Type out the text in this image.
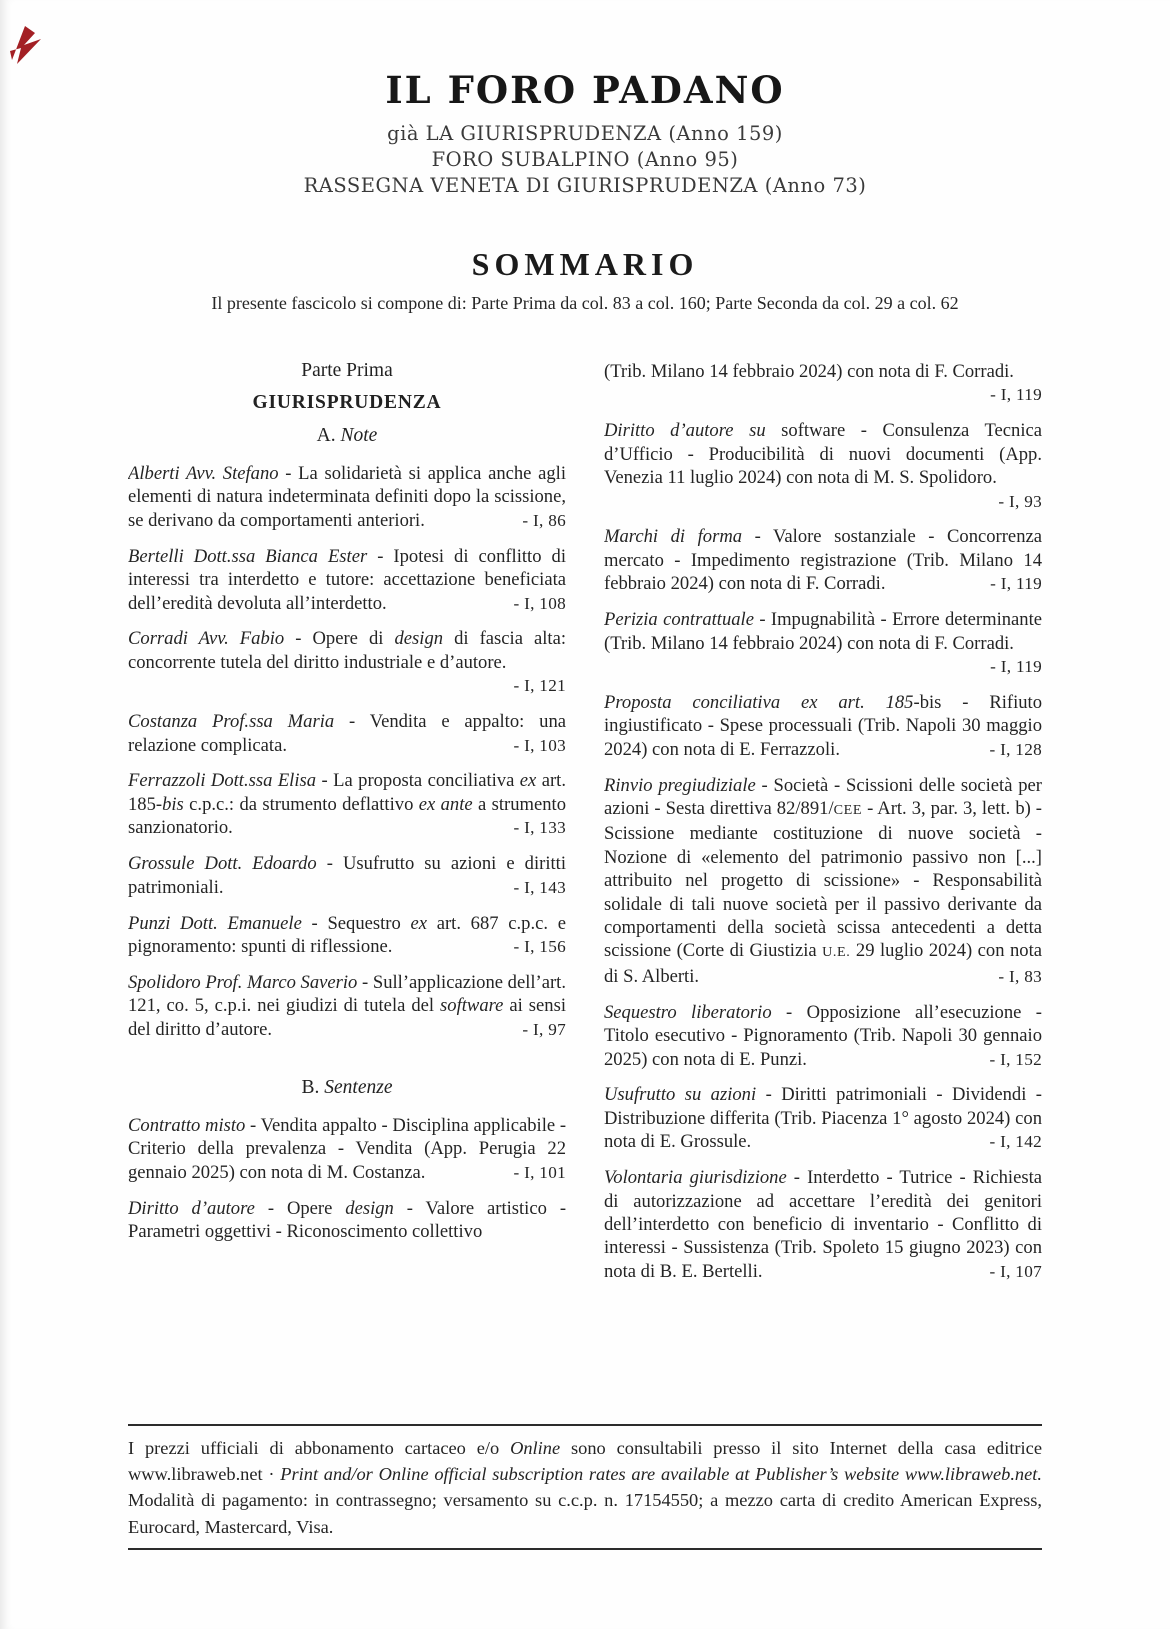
IL FORO PADANO
già LA GIURISPRUDENZA (Anno 159)
FORO SUBALPINO (Anno 95)
RASSEGNA VENETA DI GIURISPRUDENZA (Anno 73)
SOMMARIO

Il presente fascicolo si compone di: Parte Prima da col. 83 a col. 160; Parte Seconda da col. 29 a col. 62

Parte Prima
GIURISPRUDENZA
A. Note

Alberti Avv. Stefano - La solidarietà si applica anche agli elementi di natura indeterminata definiti dopo la scissione, se derivano da comportamenti anteriori.	- I, 86

Bertelli Dott.ssa Bianca Ester - Ipotesi di conflitto di interessi tra interdetto e tutore: accettazione beneficiata dell’eredità devoluta all’interdetto.	- I, 108

Corradi Avv. Fabio - Opere di design di fascia alta: concorrente tutela del diritto industriale e d’autore.
- I, 121

Costanza Prof.ssa Maria - Vendita e appalto: una relazione complicata.	- I, 103

Ferrazzoli Dott.ssa Elisa - La proposta conciliativa ex art. 185-bis c.p.c.: da strumento deflattivo ex ante a strumento sanzionatorio.	- I, 133

Grossule Dott. Edoardo - Usufrutto su azioni e diritti patrimoniali.	- I, 143

Punzi Dott. Emanuele - Sequestro ex art. 687 c.p.c. e pignoramento: spunti di riflessione.	- I, 156

Spolidoro Prof. Marco Saverio - Sull’applicazione dell’art. 121, co. 5, c.p.i. nei giudizi di tutela del software ai sensi del diritto d’autore.	- I, 97

B. Sentenze

Contratto misto - Vendita appalto - Disciplina applicabile - Criterio della prevalenza - Vendita (App. Perugia 22 gennaio 2025) con nota di M. Costanza.	- I, 101

Diritto d’autore - Opere design - Valore artistico - Parametri oggettivi - Riconoscimento collettivo

(Trib. Milano 14 febbraio 2024) con nota di F. Corradi.
- I, 119

Diritto d’autore su software - Consulenza Tecnica d’Ufficio - Producibilità di nuovi documenti (App. Venezia 11 luglio 2024) con nota di M. S. Spolidoro.
- I, 93

Marchi di forma - Valore sostanziale - Concorrenza mercato - Impedimento registrazione (Trib. Milano 14 febbraio 2024) con nota di F. Corradi.	- I, 119

Perizia contrattuale - Impugnabilità - Errore determinante (Trib. Milano 14 febbraio 2024) con nota di F. Corradi.
- I, 119

Proposta conciliativa ex art. 185-bis - Rifiuto ingiustificato - Spese processuali (Trib. Napoli 30 maggio 2024) con nota di E. Ferrazzoli.	- I, 128

Rinvio pregiudiziale - Società - Scissioni delle società per azioni - Sesta direttiva 82/891/CEE - Art. 3, par. 3, lett. b) - Scissione mediante costituzione di nuove società - Nozione di «elemento del patrimonio passivo non [...] attribuito nel progetto di scissione» - Responsabilità solidale di tali nuove società per il passivo derivante da comportamenti della società scissa antecedenti a detta scissione (Corte di Giustizia U.E. 29 luglio 2024) con nota di S. Alberti.	- I, 83

Sequestro liberatorio - Opposizione all’esecuzione - Titolo esecutivo - Pignoramento (Trib. Napoli 30 gennaio 2025) con nota di E. Punzi.	- I, 152

Usufrutto su azioni - Diritti patrimoniali - Dividendi - Distribuzione differita (Trib. Piacenza 1° agosto 2024) con nota di E. Grossule.	- I, 142

Volontaria giurisdizione - Interdetto - Tutrice - Richiesta di autorizzazione ad accettare l’eredità dei genitori dell’interdetto con beneficio di inventario - Conflitto di interessi - Sussistenza (Trib. Spoleto 15 giugno 2023) con nota di B. E. Bertelli.	- I, 107

I prezzi ufficiali di abbonamento cartaceo e/o Online sono consultabili presso il sito Internet della casa editrice www.libraweb.net · Print and/or Online official subscription rates are available at Publisher’s website www.libraweb.net. Modalità di pagamento: in contrassegno; versamento su c.c.p. n. 17154550; a mezzo carta di credito American Express, Eurocard, Mastercard, Visa.
